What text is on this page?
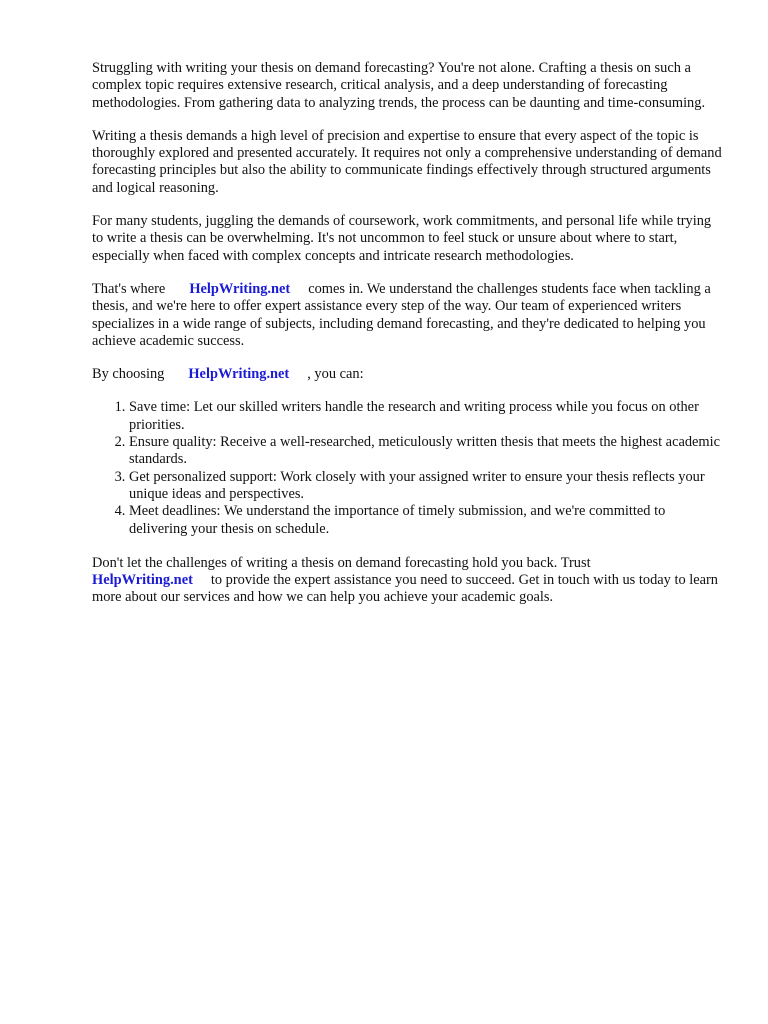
Struggling with writing your thesis on demand forecasting? You're not alone. Crafting a thesis on such a complex topic requires extensive research, critical analysis, and a deep understanding of forecasting methodologies. From gathering data to analyzing trends, the process can be daunting and time-consuming.

Writing a thesis demands a high level of precision and expertise to ensure that every aspect of the topic is thoroughly explored and presented accurately. It requires not only a comprehensive understanding of demand forecasting principles but also the ability to communicate findings effectively through structured arguments and logical reasoning.

For many students, juggling the demands of coursework, work commitments, and personal life while trying to write a thesis can be overwhelming. It's not uncommon to feel stuck or unsure about where to start, especially when faced with complex concepts and intricate research methodologies.

That's where HelpWriting.net comes in. We understand the challenges students face when tackling a thesis, and we're here to offer expert assistance every step of the way. Our team of experienced writers specializes in a wide range of subjects, including demand forecasting, and they're dedicated to helping you achieve academic success.

By choosing HelpWriting.net , you can:

1. Save time: Let our skilled writers handle the research and writing process while you focus on other priorities.
2. Ensure quality: Receive a well-researched, meticulously written thesis that meets the highest academic standards.
3. Get personalized support: Work closely with your assigned writer to ensure your thesis reflects your unique ideas and perspectives.
4. Meet deadlines: We understand the importance of timely submission, and we're committed to delivering your thesis on schedule.

Don't let the challenges of writing a thesis on demand forecasting hold you back. Trust HelpWriting.net to provide the expert assistance you need to succeed. Get in touch with us today to learn more about our services and how we can help you achieve your academic goals.
